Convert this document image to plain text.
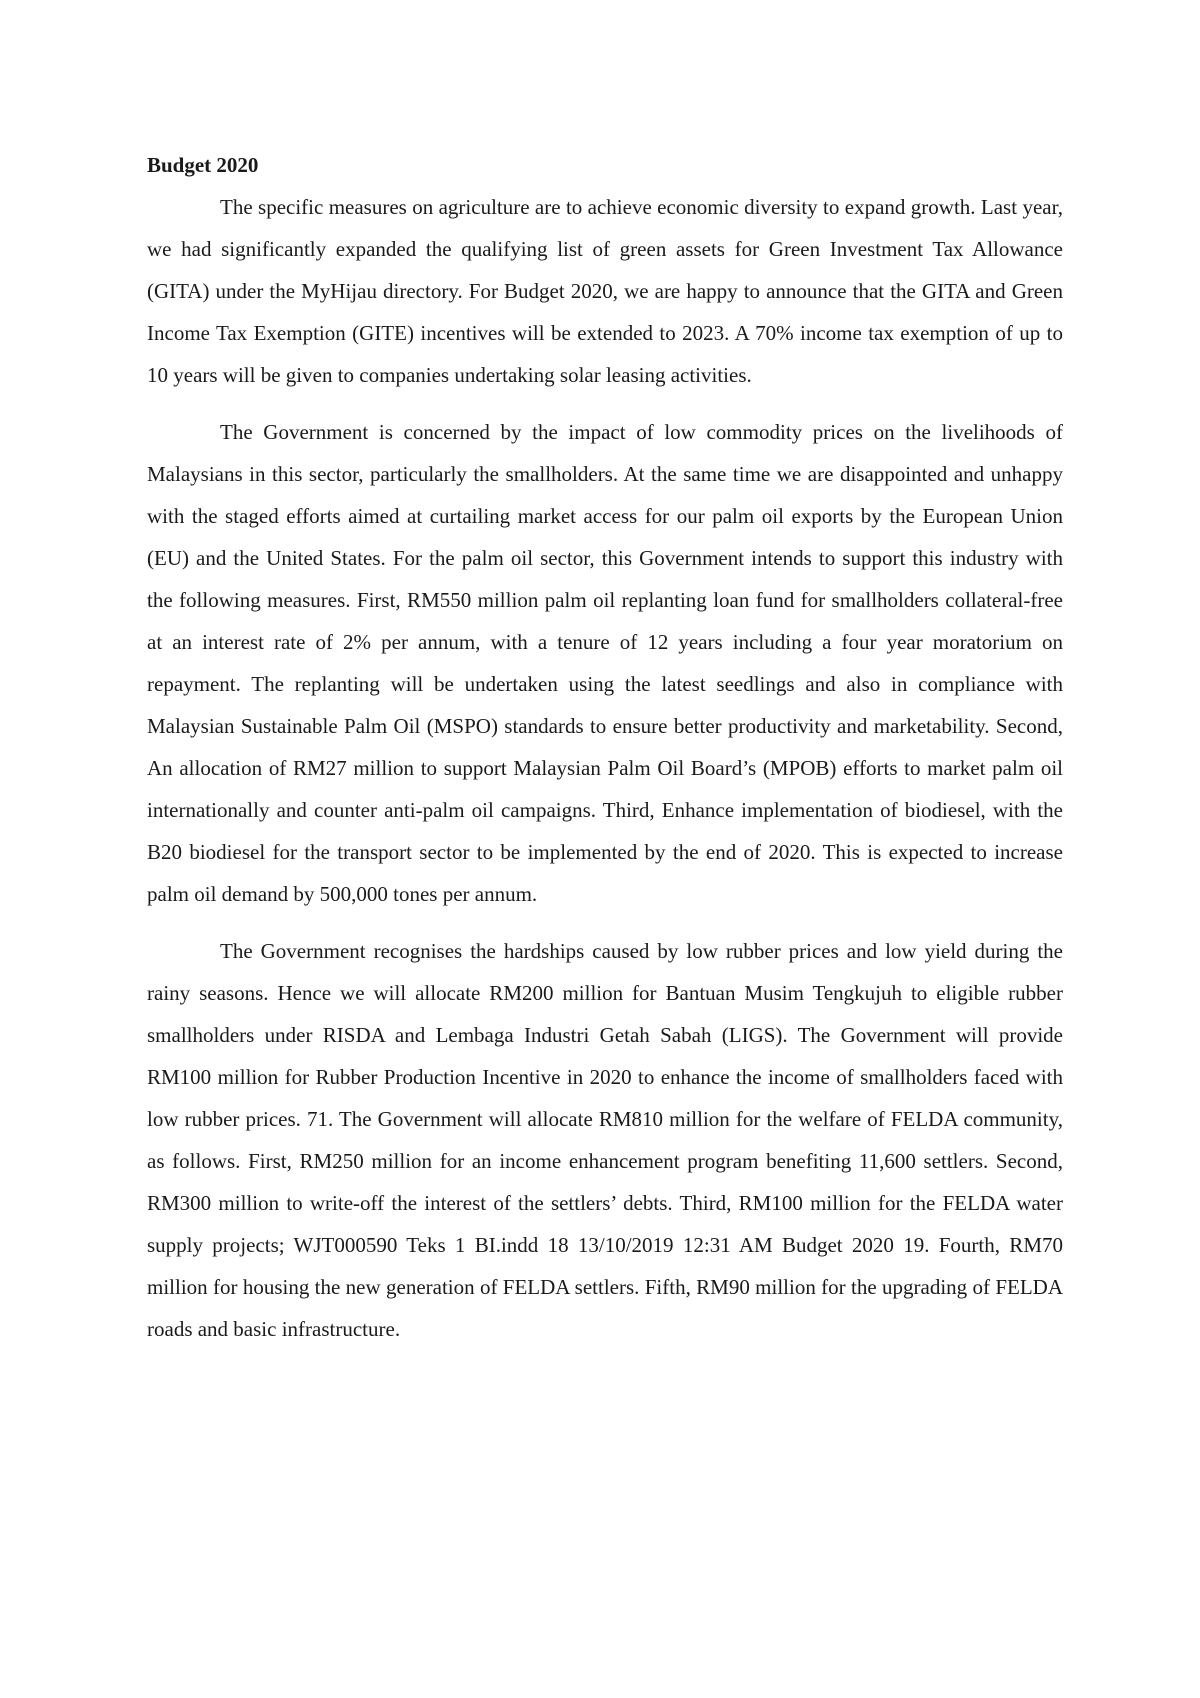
Budget 2020

The specific measures on agriculture are to achieve economic diversity to expand growth. Last year, we had significantly expanded the qualifying list of green assets for Green Investment Tax Allowance (GITA) under the MyHijau directory. For Budget 2020, we are happy to announce that the GITA and Green Income Tax Exemption (GITE) incentives will be extended to 2023. A 70% income tax exemption of up to 10 years will be given to companies undertaking solar leasing activities.

The Government is concerned by the impact of low commodity prices on the livelihoods of Malaysians in this sector, particularly the smallholders. At the same time we are disappointed and unhappy with the staged efforts aimed at curtailing market access for our palm oil exports by the European Union (EU) and the United States. For the palm oil sector, this Government intends to support this industry with the following measures. First, RM550 million palm oil replanting loan fund for smallholders collateral-free at an interest rate of 2% per annum, with a tenure of 12 years including a four year moratorium on repayment. The replanting will be undertaken using the latest seedlings and also in compliance with Malaysian Sustainable Palm Oil (MSPO) standards to ensure better productivity and marketability. Second, An allocation of RM27 million to support Malaysian Palm Oil Board’s (MPOB) efforts to market palm oil internationally and counter anti-palm oil campaigns. Third, Enhance implementation of biodiesel, with the B20 biodiesel for the transport sector to be implemented by the end of 2020. This is expected to increase palm oil demand by 500,000 tones per annum.

The Government recognises the hardships caused by low rubber prices and low yield during the rainy seasons. Hence we will allocate RM200 million for Bantuan Musim Tengkujuh to eligible rubber smallholders under RISDA and Lembaga Industri Getah Sabah (LIGS). The Government will provide RM100 million for Rubber Production Incentive in 2020 to enhance the income of smallholders faced with low rubber prices. 71. The Government will allocate RM810 million for the welfare of FELDA community, as follows. First, RM250 million for an income enhancement program benefiting 11,600 settlers. Second, RM300 million to write-off the interest of the settlers’ debts. Third, RM100 million for the FELDA water supply projects; WJT000590 Teks 1 BI.indd 18 13/10/2019 12:31 AM Budget 2020 19. Fourth, RM70 million for housing the new generation of FELDA settlers. Fifth, RM90 million for the upgrading of FELDA roads and basic infrastructure.
